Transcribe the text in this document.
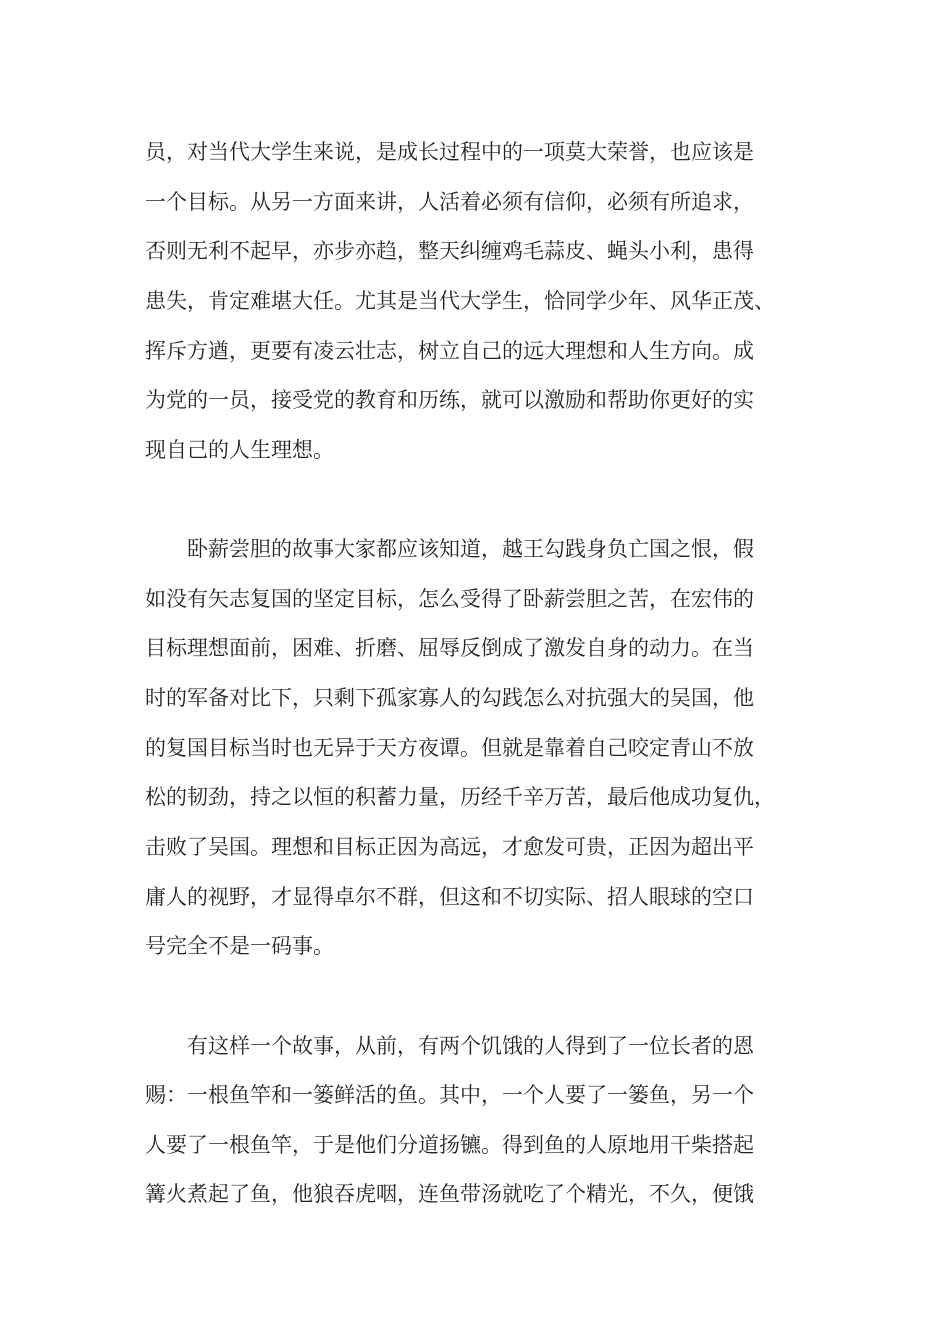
员，对当代大学生来说，是成长过程中的一项莫大荣誉，也应该是
一个目标。从另一方面来讲，人活着必须有信仰，必须有所追求，
否则无利不起早，亦步亦趋，整天纠缠鸡毛蒜皮、蝇头小利，患得
患失，肯定难堪大任。尤其是当代大学生，恰同学少年、风华正茂、
挥斥方遒，更要有凌云壮志，树立自己的远大理想和人生方向。成
为党的一员，接受党的教育和历练，就可以激励和帮助你更好的实
现自己的人生理想。
卧薪尝胆的故事大家都应该知道，越王勾践身负亡国之恨，假
如没有矢志复国的坚定目标，怎么受得了卧薪尝胆之苦，在宏伟的
目标理想面前，困难、折磨、屈辱反倒成了激发自身的动力。在当
时的军备对比下，只剩下孤家寡人的勾践怎么对抗强大的吴国，他
的复国目标当时也无异于天方夜谭。但就是靠着自己咬定青山不放
松的韧劲，持之以恒的积蓄力量，历经千辛万苦，最后他成功复仇，
击败了吴国。理想和目标正因为高远，才愈发可贵，正因为超出平
庸人的视野，才显得卓尔不群，但这和不切实际、招人眼球的空口
号完全不是一码事。
有这样一个故事，从前，有两个饥饿的人得到了一位长者的恩
赐：一根鱼竿和一篓鲜活的鱼。其中，一个人要了一篓鱼，另一个
人要了一根鱼竿，于是他们分道扬镳。得到鱼的人原地用干柴搭起
篝火煮起了鱼，他狼吞虎咽，连鱼带汤就吃了个精光，不久，便饿
